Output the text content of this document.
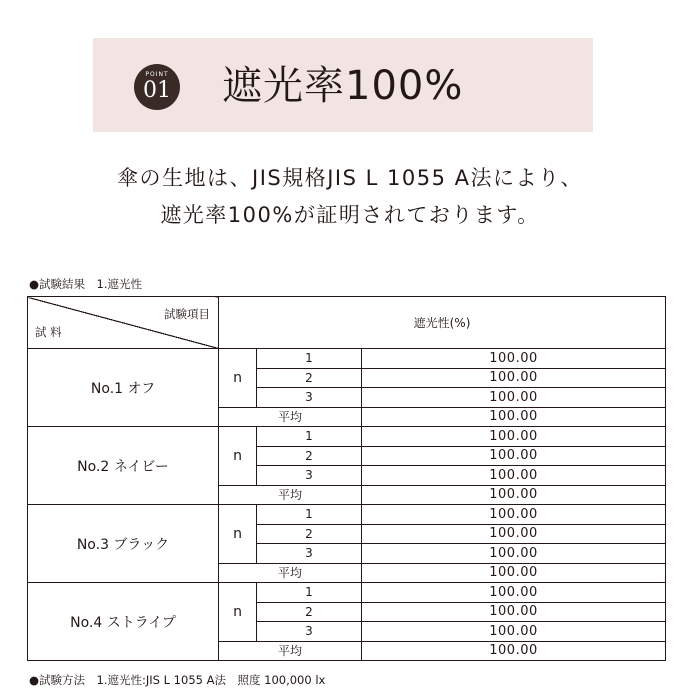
POINT
01 遮光率100%
傘の生地は、JIS規格JIS L 1055 A法により、
遮光率100%が証明されております。
●試験結果　1.遮光性
試験項目
試 料	遮光性(%)		
No.1 オフ	n	1	100.00
		2	100.00
		3	100.00
	平均		100.00
No.2 ネイビー	n	1	100.00
		2	100.00
		3	100.00
	平均		100.00
No.3 ブラック	n	1	100.00
		2	100.00
		3	100.00
	平均		100.00
No.4 ストライプ	n	1	100.00
		2	100.00
		3	100.00
	平均		100.00
●試験方法　1.遮光性:JIS L 1055 A法　照度 100,000 lx
